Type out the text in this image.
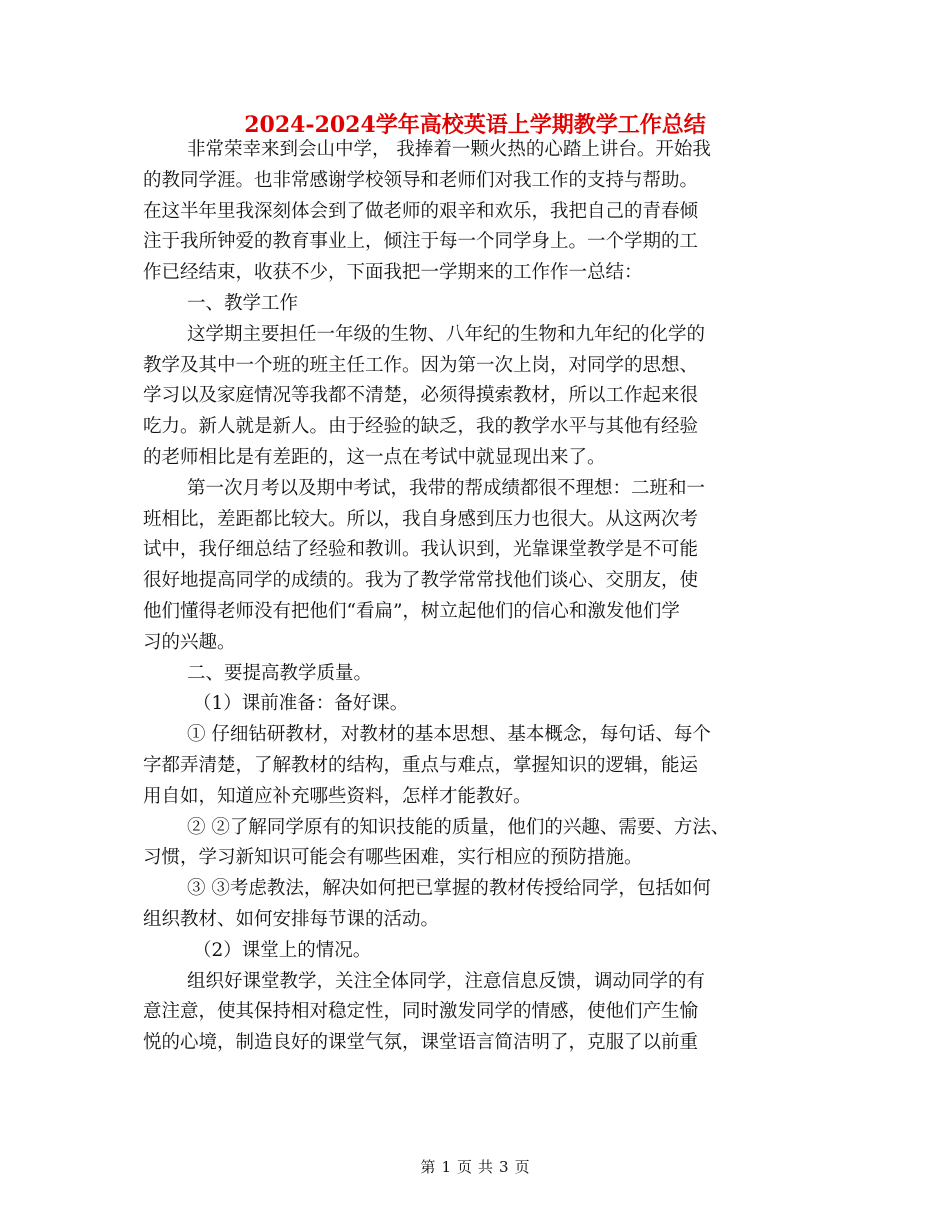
2024-2024学年高校英语上学期教学工作总结
非常荣幸来到会山中学， 我捧着一颗火热的心踏上讲台。开始我
的教同学涯。也非常感谢学校领导和老师们对我工作的支持与帮助。
在这半年里我深刻体会到了做老师的艰辛和欢乐，我把自己的青春倾
注于我所钟爱的教育事业上，倾注于每一个同学身上。一个学期的工
作已经结束，收获不少，下面我把一学期来的工作作一总结：
一、教学工作
这学期主要担任一年级的生物、八年纪的生物和九年纪的化学的
教学及其中一个班的班主任工作。因为第一次上岗，对同学的思想、
学习以及家庭情况等我都不清楚，必须得摸索教材，所以工作起来很
吃力。新人就是新人。由于经验的缺乏，我的教学水平与其他有经验
的老师相比是有差距的，这一点在考试中就显现出来了。
第一次月考以及期中考试，我带的帮成绩都很不理想：二班和一
班相比，差距都比较大。所以，我自身感到压力也很大。从这两次考
试中，我仔细总结了经验和教训。我认识到，光靠课堂教学是不可能
很好地提高同学的成绩的。我为了教学常常找他们谈心、交朋友，使
他们懂得老师没有把他们“看扁”，树立起他们的信心和激发他们学
习的兴趣。
二、要提高教学质量。
（1）课前准备：备好课。
① 仔细钻研教材，对教材的基本思想、基本概念，每句话、每个
字都弄清楚，了解教材的结构，重点与难点，掌握知识的逻辑，能运
用自如，知道应补充哪些资料，怎样才能教好。
② ②了解同学原有的知识技能的质量，他们的兴趣、需要、方法、
习惯，学习新知识可能会有哪些困难，实行相应的预防措施。
③ ③考虑教法，解决如何把已掌握的教材传授给同学，包括如何
组织教材、如何安排每节课的活动。
（2）课堂上的情况。
组织好课堂教学，关注全体同学，注意信息反馈，调动同学的有
意注意，使其保持相对稳定性，同时激发同学的情感，使他们产生愉
悦的心境，制造良好的课堂气氛，课堂语言简洁明了，克服了以前重
第 1 页 共 3 页
